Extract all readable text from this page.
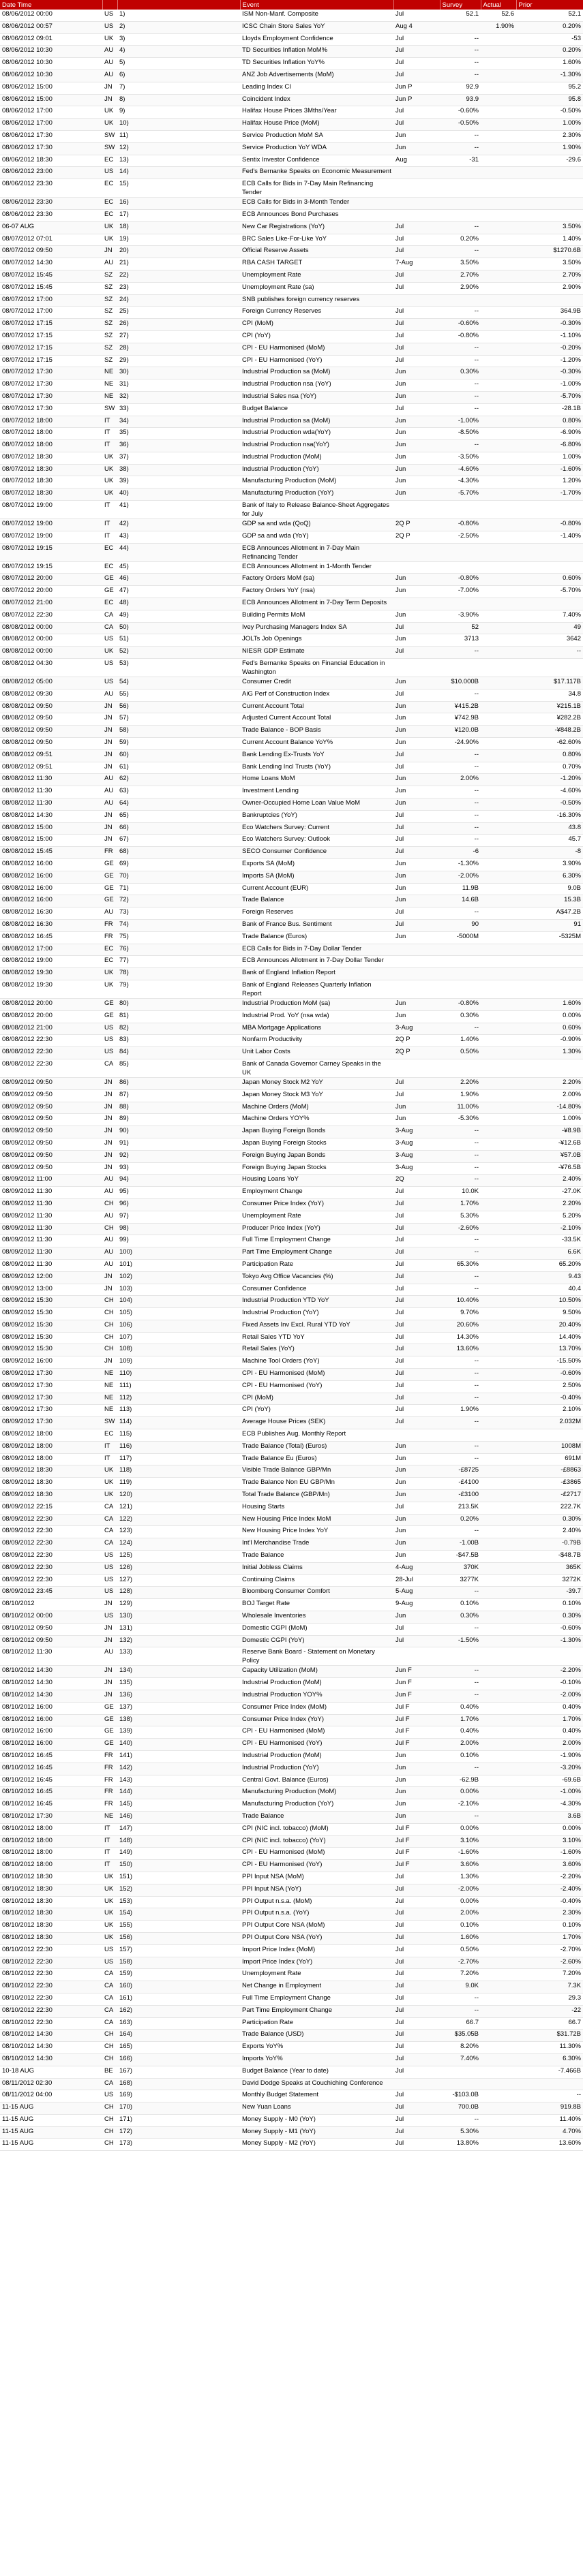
Date Time			Event		Survey	Actual	Prior
08/06/2012 00:00	US	1)	ISM Non-Manf. Composite	Jul	52.1	52.6	52.1
08/06/2012 00:57	US	2)	ICSC Chain Store Sales YoY	Aug 4		1.90%	0.20%
08/06/2012 09:01	UK	3)	Lloyds Employment Confidence	Jul	--		-53
08/06/2012 10:30	AU	4)	TD Securities Inflation MoM%	Jul	--		0.20%
08/06/2012 10:30	AU	5)	TD Securities Inflation YoY%	Jul	--		1.60%
08/06/2012 10:30	AU	6)	ANZ Job Advertisements (MoM)	Jul	--		-1.30%
08/06/2012 15:00	JN	7)	Leading Index CI	Jun P	92.9		95.2
08/06/2012 15:00	JN	8)	Coincident Index	Jun P	93.9		95.8
08/06/2012 17:00	UK	9)	Halifax House Prices 3Mths/Year	Jul	-0.60%		-0.50%
08/06/2012 17:00	UK	10)	Halifax House Price (MoM)	Jul	-0.50%		1.00%
08/06/2012 17:30	SW	11)	Service Production MoM SA	Jun	--		2.30%
08/06/2012 17:30	SW	12)	Service Production YoY WDA	Jun	--		1.90%
08/06/2012 18:30	EC	13)	Sentix Investor Confidence	Aug	-31		-29.6
08/06/2012 23:00	US	14)	Fed's Bernanke Speaks on Economic Measurement				
08/06/2012 23:30	EC	15)	ECB Calls for Bids in 7-Day Main Refinancing Tender				
08/06/2012 23:30	EC	16)	ECB Calls for Bids in 3-Month Tender				
08/06/2012 23:30	EC	17)	ECB Announces Bond Purchases				
06-07 AUG	UK	18)	New Car Registrations (YoY)	Jul	--		3.50%
08/07/2012 07:01	UK	19)	BRC Sales Like-For-Like YoY	Jul	0.20%		1.40%
08/07/2012 09:50	JN	20)	Official Reserve Assets	Jul	--		$1270.6B
08/07/2012 14:30	AU	21)	RBA CASH TARGET	7-Aug	3.50%		3.50%
08/07/2012 15:45	SZ	22)	Unemployment Rate	Jul	2.70%		2.70%
08/07/2012 15:45	SZ	23)	Unemployment Rate (sa)	Jul	2.90%		2.90%
08/07/2012 17:00	SZ	24)	SNB publishes foreign currency reserves				
08/07/2012 17:00	SZ	25)	Foreign Currency Reserves	Jul	--		364.9B
08/07/2012 17:15	SZ	26)	CPI (MoM)	Jul	-0.60%		-0.30%
08/07/2012 17:15	SZ	27)	CPI (YoY)	Jul	-0.80%		-1.10%
08/07/2012 17:15	SZ	28)	CPI - EU Harmonised (MoM)	Jul	--		-0.20%
08/07/2012 17:15	SZ	29)	CPI - EU Harmonised (YoY)	Jul	--		-1.20%
08/07/2012 17:30	NE	30)	Industrial Production sa (MoM)	Jun	0.30%		-0.30%
08/07/2012 17:30	NE	31)	Industrial Production nsa (YoY)	Jun	--		-1.00%
08/07/2012 17:30	NE	32)	Industrial Sales nsa (YoY)	Jun	--		-5.70%
08/07/2012 17:30	SW	33)	Budget Balance	Jul	--		-28.1B
08/07/2012 18:00	IT	34)	Industrial Production sa (MoM)	Jun	-1.00%		0.80%
08/07/2012 18:00	IT	35)	Industrial Production wda(YoY)	Jun	-8.50%		-6.90%
08/07/2012 18:00	IT	36)	Industrial Production nsa(YoY)	Jun	--		-6.80%
08/07/2012 18:30	UK	37)	Industrial Production (MoM)	Jun	-3.50%		1.00%
08/07/2012 18:30	UK	38)	Industrial Production (YoY)	Jun	-4.60%		-1.60%
08/07/2012 18:30	UK	39)	Manufacturing Production (MoM)	Jun	-4.30%		1.20%
08/07/2012 18:30	UK	40)	Manufacturing Production (YoY)	Jun	-5.70%		-1.70%
08/07/2012 19:00	IT	41)	Bank of Italy to Release Balance-Sheet Aggregates for July				
08/07/2012 19:00	IT	42)	GDP sa and wda (QoQ)	2Q P	-0.80%		-0.80%
08/07/2012 19:00	IT	43)	GDP sa and wda (YoY)	2Q P	-2.50%		-1.40%
08/07/2012 19:15	EC	44)	ECB Announces Allotment in 7-Day Main Refinancing Tender				
08/07/2012 19:15	EC	45)	ECB Announces Allotment in 1-Month Tender				
08/07/2012 20:00	GE	46)	Factory Orders MoM (sa)	Jun	-0.80%		0.60%
08/07/2012 20:00	GE	47)	Factory Orders YoY (nsa)	Jun	-7.00%		-5.70%
08/07/2012 21:00	EC	48)	ECB Announces Allotment in 7-Day Term Deposits				
08/07/2012 22:30	CA	49)	Building Permits MoM	Jun	-3.90%		7.40%
08/08/2012 00:00	CA	50)	Ivey Purchasing Managers Index SA	Jul	52		49
08/08/2012 00:00	US	51)	JOLTs Job Openings	Jun	3713		3642
08/08/2012 00:00	UK	52)	NIESR GDP Estimate	Jul	--		--
08/08/2012 04:30	US	53)	Fed's Bernanke Speaks on Financial Education in Washington				
08/08/2012 05:00	US	54)	Consumer Credit	Jun	$10.000B		$17.117B
08/08/2012 09:30	AU	55)	AiG Perf of Construction Index	Jul	--		34.8
08/08/2012 09:50	JN	56)	Current Account Total	Jun	¥415.2B		¥215.1B
08/08/2012 09:50	JN	57)	Adjusted Current Account Total	Jun	¥742.9B		¥282.2B
08/08/2012 09:50	JN	58)	Trade Balance - BOP Basis	Jun	¥120.0B		-¥848.2B
08/08/2012 09:50	JN	59)	Current Account Balance YoY%	Jun	-24.90%		-62.60%
08/08/2012 09:51	JN	60)	Bank Lending Ex-Trusts YoY	Jul	--		0.80%
08/08/2012 09:51	JN	61)	Bank Lending Incl Trusts (YoY)	Jul	--		0.70%
08/08/2012 11:30	AU	62)	Home Loans MoM	Jun	2.00%		-1.20%
08/08/2012 11:30	AU	63)	Investment Lending	Jun	--		-4.60%
08/08/2012 11:30	AU	64)	Owner-Occupied Home Loan Value MoM	Jun	--		-0.50%
08/08/2012 14:30	JN	65)	Bankruptcies (YoY)	Jul	--		-16.30%
08/08/2012 15:00	JN	66)	Eco Watchers Survey: Current	Jul	--		43.8
08/08/2012 15:00	JN	67)	Eco Watchers Survey: Outlook	Jul	--		45.7
08/08/2012 15:45	FR	68)	SECO Consumer Confidence	Jul	-6		-8
08/08/2012 16:00	GE	69)	Exports SA (MoM)	Jun	-1.30%		3.90%
08/08/2012 16:00	GE	70)	Imports SA (MoM)	Jun	-2.00%		6.30%
08/08/2012 16:00	GE	71)	Current Account (EUR)	Jun	11.9B		9.0B
08/08/2012 16:00	GE	72)	Trade Balance	Jun	14.6B		15.3B
08/08/2012 16:30	AU	73)	Foreign Reserves	Jul	--		A$47.2B
08/08/2012 16:30	FR	74)	Bank of France Bus. Sentiment	Jul	90		91
08/08/2012 16:45	FR	75)	Trade Balance (Euros)	Jun	-5000M		-5325M
08/08/2012 17:00	EC	76)	ECB Calls for Bids in 7-Day Dollar Tender				
08/08/2012 19:00	EC	77)	ECB Announces Allotment in 7-Day Dollar Tender				
08/08/2012 19:30	UK	78)	Bank of England Inflation Report				
08/08/2012 19:30	UK	79)	Bank of England Releases Quarterly Inflation Report				
08/08/2012 20:00	GE	80)	Industrial Production MoM (sa)	Jun	-0.80%		1.60%
08/08/2012 20:00	GE	81)	Industrial Prod. YoY (nsa wda)	Jun	0.30%		0.00%
08/08/2012 21:00	US	82)	MBA Mortgage Applications	3-Aug	--		0.60%
08/08/2012 22:30	US	83)	Nonfarm Productivity	2Q P	1.40%		-0.90%
08/08/2012 22:30	US	84)	Unit Labor Costs	2Q P	0.50%		1.30%
08/08/2012 22:30	CA	85)	Bank of Canada Governor Carney Speaks in the UK				
08/09/2012 09:50	JN	86)	Japan Money Stock M2 YoY	Jul	2.20%		2.20%
08/09/2012 09:50	JN	87)	Japan Money Stock M3 YoY	Jul	1.90%		2.00%
08/09/2012 09:50	JN	88)	Machine Orders (MoM)	Jun	11.00%		-14.80%
08/09/2012 09:50	JN	89)	Machine Orders YOY%	Jun	-5.30%		1.00%
08/09/2012 09:50	JN	90)	Japan Buying Foreign Bonds	3-Aug	--		-¥8.9B
08/09/2012 09:50	JN	91)	Japan Buying Foreign Stocks	3-Aug	--		-¥12.6B
08/09/2012 09:50	JN	92)	Foreign Buying Japan Bonds	3-Aug	--		¥57.0B
08/09/2012 09:50	JN	93)	Foreign Buying Japan Stocks	3-Aug	--		-¥76.5B
08/09/2012 11:00	AU	94)	Housing Loans YoY	2Q	--		2.40%
08/09/2012 11:30	AU	95)	Employment Change	Jul	10.0K		-27.0K
08/09/2012 11:30	CH	96)	Consumer Price Index (YoY)	Jul	1.70%		2.20%
08/09/2012 11:30	AU	97)	Unemployment Rate	Jul	5.30%		5.20%
08/09/2012 11:30	CH	98)	Producer Price Index (YoY)	Jul	-2.60%		-2.10%
08/09/2012 11:30	AU	99)	Full Time Employment Change	Jul	--		-33.5K
08/09/2012 11:30	AU	100)	Part Time Employment Change	Jul	--		6.6K
08/09/2012 11:30	AU	101)	Participation Rate	Jul	65.30%		65.20%
08/09/2012 12:00	JN	102)	Tokyo Avg Office Vacancies (%)	Jul	--		9.43
08/09/2012 13:00	JN	103)	Consumer Confidence	Jul	--		40.4
08/09/2012 15:30	CH	104)	Industrial Production YTD YoY	Jul	10.40%		10.50%
08/09/2012 15:30	CH	105)	Industrial Production (YoY)	Jul	9.70%		9.50%
08/09/2012 15:30	CH	106)	Fixed Assets Inv Excl. Rural YTD YoY	Jul	20.60%		20.40%
08/09/2012 15:30	CH	107)	Retail Sales YTD YoY	Jul	14.30%		14.40%
08/09/2012 15:30	CH	108)	Retail Sales (YoY)	Jul	13.60%		13.70%
08/09/2012 16:00	JN	109)	Machine Tool Orders (YoY)	Jul	--		-15.50%
08/09/2012 17:30	NE	110)	CPI - EU Harmonised (MoM)	Jul	--		-0.60%
08/09/2012 17:30	NE	111)	CPI - EU Harmonised (YoY)	Jul	--		2.50%
08/09/2012 17:30	NE	112)	CPI (MoM)	Jul	--		-0.40%
08/09/2012 17:30	NE	113)	CPI (YoY)	Jul	1.90%		2.10%
08/09/2012 17:30	SW	114)	Average House Prices (SEK)	Jul	--		2.032M
08/09/2012 18:00	EC	115)	ECB Publishes Aug. Monthly Report				
08/09/2012 18:00	IT	116)	Trade Balance (Total) (Euros)	Jun	--		1008M
08/09/2012 18:00	IT	117)	Trade Balance Eu (Euros)	Jun	--		691M
08/09/2012 18:30	UK	118)	Visible Trade Balance GBP/Mn	Jun	-£8725		-£8863
08/09/2012 18:30	UK	119)	Trade Balance Non EU GBP/Mn	Jun	-£4100		-£3865
08/09/2012 18:30	UK	120)	Total Trade Balance (GBP/Mn)	Jun	-£3100		-£2717
08/09/2012 22:15	CA	121)	Housing Starts	Jul	213.5K		222.7K
08/09/2012 22:30	CA	122)	New Housing Price Index MoM	Jun	0.20%		0.30%
08/09/2012 22:30	CA	123)	New Housing Price Index YoY	Jun	--		2.40%
08/09/2012 22:30	CA	124)	Int'l Merchandise Trade	Jun	-1.00B		-0.79B
08/09/2012 22:30	US	125)	Trade Balance	Jun	-$47.5B		-$48.7B
08/09/2012 22:30	US	126)	Initial Jobless Claims	4-Aug	370K		365K
08/09/2012 22:30	US	127)	Continuing Claims	28-Jul	3277K		3272K
08/09/2012 23:45	US	128)	Bloomberg Consumer Comfort	5-Aug	--		-39.7
08/10/2012	JN	129)	BOJ Target Rate	9-Aug	0.10%		0.10%
08/10/2012 00:00	US	130)	Wholesale Inventories	Jun	0.30%		0.30%
08/10/2012 09:50	JN	131)	Domestic CGPI (MoM)	Jul	--		-0.60%
08/10/2012 09:50	JN	132)	Domestic CGPI (YoY)	Jul	-1.50%		-1.30%
08/10/2012 11:30	AU	133)	Reserve Bank Board - Statement on Monetary Policy				
08/10/2012 14:30	JN	134)	Capacity Utilization (MoM)	Jun F	--		-2.20%
08/10/2012 14:30	JN	135)	Industrial Production (MoM)	Jun F	--		-0.10%
08/10/2012 14:30	JN	136)	Industrial Production YOY%	Jun F	--		-2.00%
08/10/2012 16:00	GE	137)	Consumer Price Index (MoM)	Jul F	0.40%		0.40%
08/10/2012 16:00	GE	138)	Consumer Price Index (YoY)	Jul F	1.70%		1.70%
08/10/2012 16:00	GE	139)	CPI - EU Harmonised (MoM)	Jul F	0.40%		0.40%
08/10/2012 16:00	GE	140)	CPI - EU Harmonised (YoY)	Jul F	2.00%		2.00%
08/10/2012 16:45	FR	141)	Industrial Production (MoM)	Jun	0.10%		-1.90%
08/10/2012 16:45	FR	142)	Industrial Production (YoY)	Jun	--		-3.20%
08/10/2012 16:45	FR	143)	Central Govt. Balance (Euros)	Jun	-62.9B		-69.6B
08/10/2012 16:45	FR	144)	Manufacturing Production (MoM)	Jun	0.00%		-1.00%
08/10/2012 16:45	FR	145)	Manufacturing Production (YoY)	Jun	-2.10%		-4.30%
08/10/2012 17:30	NE	146)	Trade Balance	Jun	--		3.6B
08/10/2012 18:00	IT	147)	CPI (NIC incl. tobacco) (MoM)	Jul F	0.00%		0.00%
08/10/2012 18:00	IT	148)	CPI (NIC incl. tobacco) (YoY)	Jul F	3.10%		3.10%
08/10/2012 18:00	IT	149)	CPI - EU Harmonised (MoM)	Jul F	-1.60%		-1.60%
08/10/2012 18:00	IT	150)	CPI - EU Harmonised (YoY)	Jul F	3.60%		3.60%
08/10/2012 18:30	UK	151)	PPI Input NSA (MoM)	Jul	1.30%		-2.20%
08/10/2012 18:30	UK	152)	PPI Input NSA (YoY)	Jul	-2.00%		-2.40%
08/10/2012 18:30	UK	153)	PPI Output n.s.a. (MoM)	Jul	0.00%		-0.40%
08/10/2012 18:30	UK	154)	PPI Output n.s.a. (YoY)	Jul	2.00%		2.30%
08/10/2012 18:30	UK	155)	PPI Output Core NSA (MoM)	Jul	0.10%		0.10%
08/10/2012 18:30	UK	156)	PPI Output Core NSA (YoY)	Jul	1.60%		1.70%
08/10/2012 22:30	US	157)	Import Price Index (MoM)	Jul	0.50%		-2.70%
08/10/2012 22:30	US	158)	Import Price Index (YoY)	Jul	-2.70%		-2.60%
08/10/2012 22:30	CA	159)	Unemployment Rate	Jul	7.20%		7.20%
08/10/2012 22:30	CA	160)	Net Change in Employment	Jul	9.0K		7.3K
08/10/2012 22:30	CA	161)	Full Time Employment Change	Jul	--		29.3
08/10/2012 22:30	CA	162)	Part Time Employment Change	Jul	--		-22
08/10/2012 22:30	CA	163)	Participation Rate	Jul	66.7		66.7
08/10/2012 14:30	CH	164)	Trade Balance (USD)	Jul	$35.05B		$31.72B
08/10/2012 14:30	CH	165)	Exports YoY%	Jul	8.20%		11.30%
08/10/2012 14:30	CH	166)	Imports YoY%	Jul	7.40%		6.30%
10-18 AUG	BE	167)	Budget Balance (Year to date)	Jul			-7.466B
08/11/2012 02:30	CA	168)	David Dodge Speaks at Couchiching Conference				
08/11/2012 04:00	US	169)	Monthly Budget Statement	Jul	-$103.0B		--
11-15 AUG	CH	170)	New Yuan Loans	Jul	700.0B		919.8B
11-15 AUG	CH	171)	Money Supply - M0 (YoY)	Jul	--		11.40%
11-15 AUG	CH	172)	Money Supply - M1 (YoY)	Jul	5.30%		4.70%
11-15 AUG	CH	173)	Money Supply - M2 (YoY)	Jul	13.80%		13.60%
